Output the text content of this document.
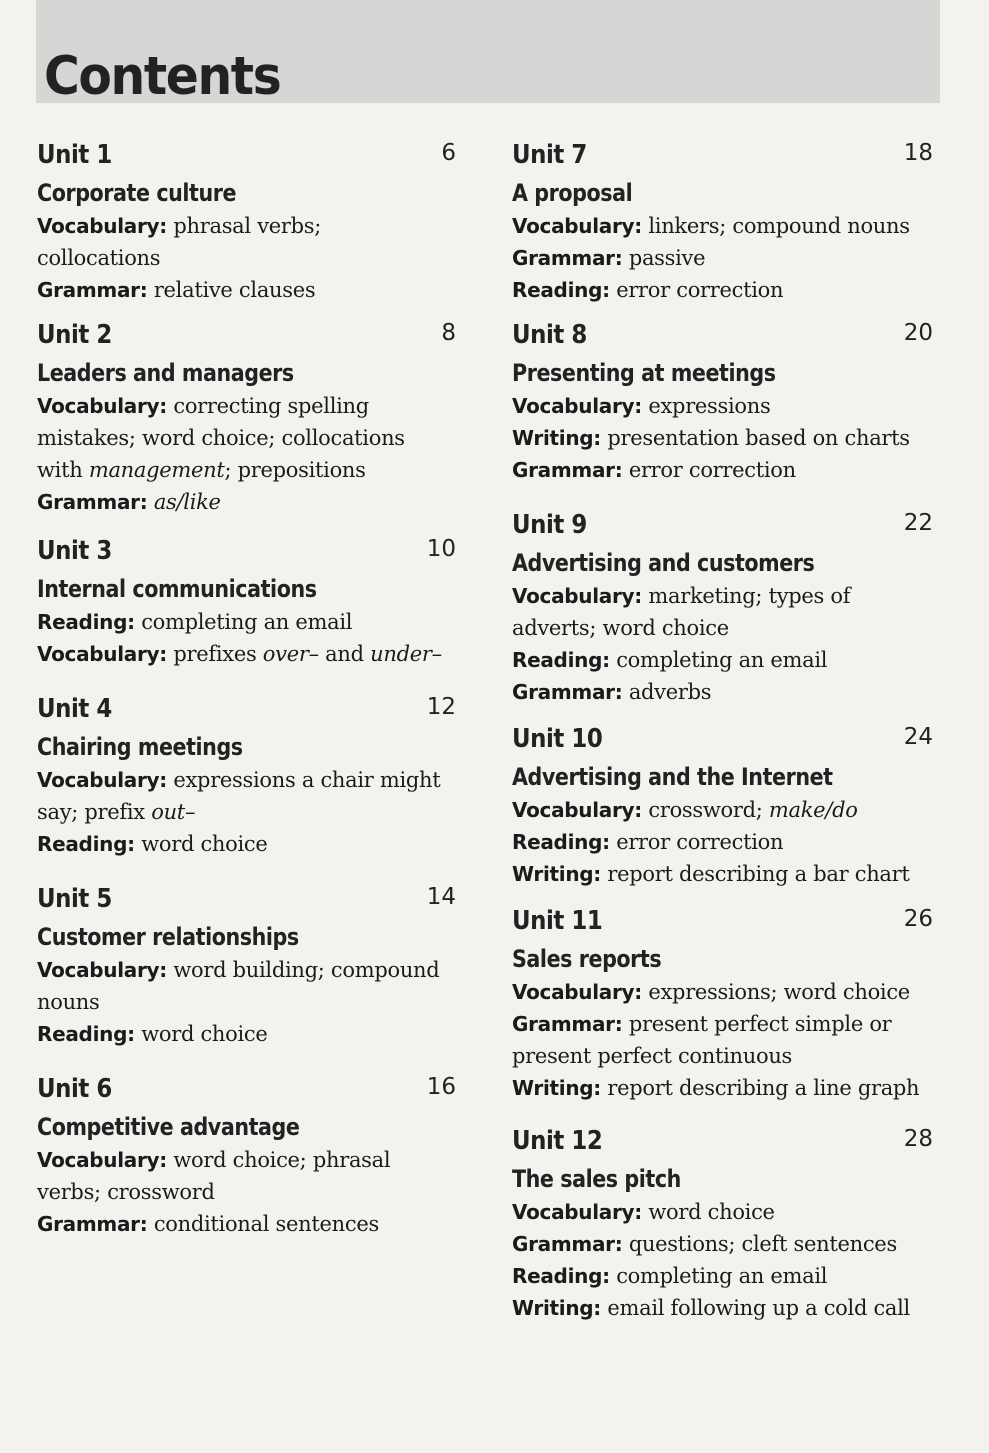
Contents
Unit 1	6
Corporate culture
Vocabulary: phrasal verbs;
collocations
Grammar: relative clauses
Unit 2	8
Leaders and managers
Vocabulary: correcting spelling
mistakes; word choice; collocations
with management; prepositions
Grammar: as/like
Unit 3	10
Internal communications
Reading: completing an email
Vocabulary: prefixes over– and under–
Unit 4	12
Chairing meetings
Vocabulary: expressions a chair might
say; prefix out–
Reading: word choice
Unit 5	14
Customer relationships
Vocabulary: word building; compound
nouns
Reading: word choice
Unit 6	16
Competitive advantage
Vocabulary: word choice; phrasal
verbs; crossword
Grammar: conditional sentences
Unit 7	18
A proposal
Vocabulary: linkers; compound nouns
Grammar: passive
Reading: error correction
Unit 8	20
Presenting at meetings
Vocabulary: expressions
Writing: presentation based on charts
Grammar: error correction
Unit 9	22
Advertising and customers
Vocabulary: marketing; types of
adverts; word choice
Reading: completing an email
Grammar: adverbs
Unit 10	24
Advertising and the Internet
Vocabulary: crossword; make/do
Reading: error correction
Writing: report describing a bar chart
Unit 11	26
Sales reports
Vocabulary: expressions; word choice
Grammar: present perfect simple or
present perfect continuous
Writing: report describing a line graph
Unit 12	28
The sales pitch
Vocabulary: word choice
Grammar: questions; cleft sentences
Reading: completing an email
Writing: email following up a cold call
